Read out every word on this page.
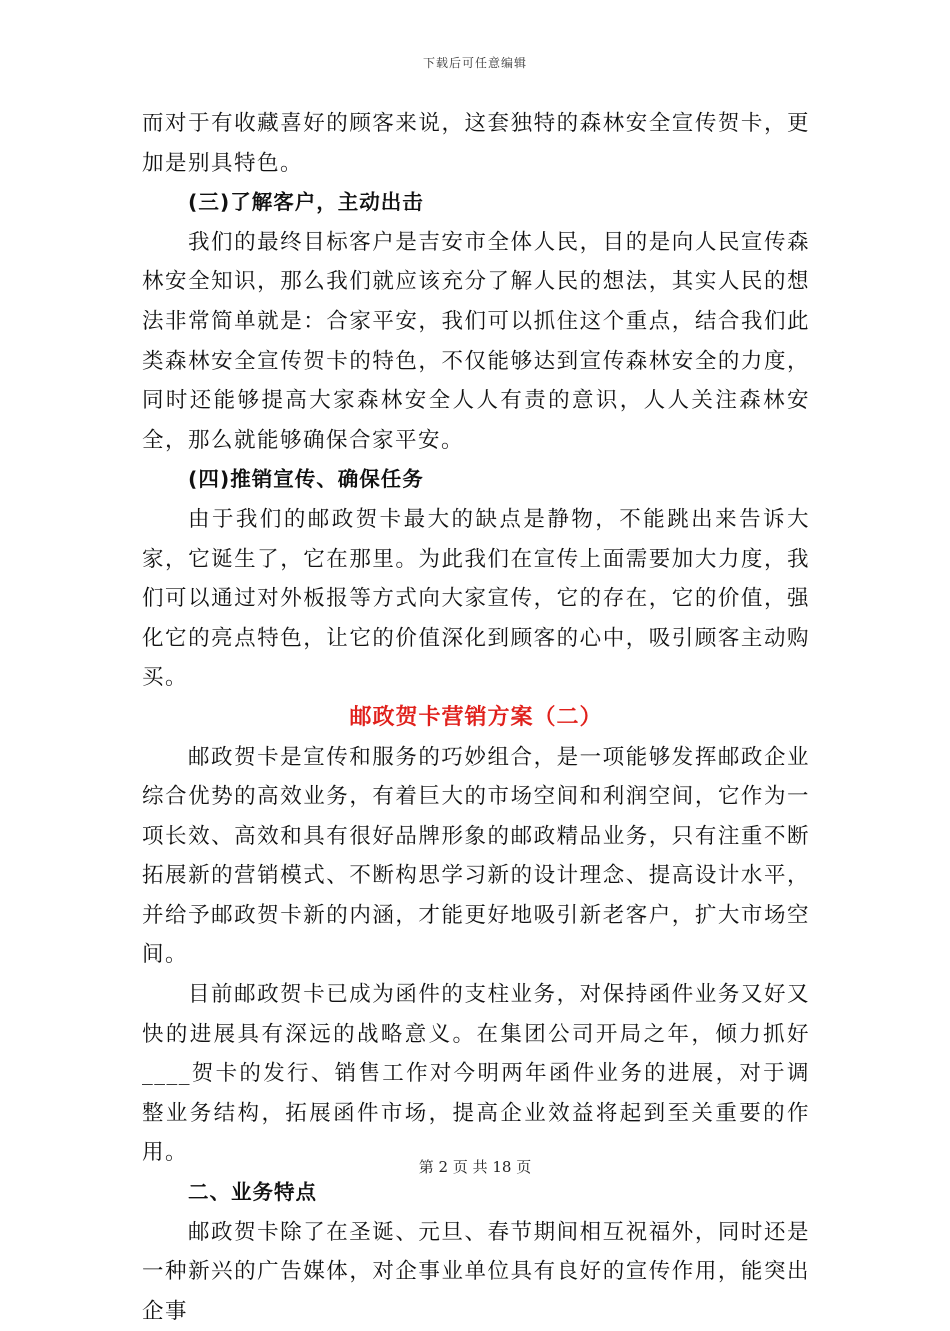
下载后可任意编辑

而对于有收藏喜好的顾客来说，这套独特的森林安全宣传贺卡，更加是别具特色。

(三)了解客户，主动出击

我们的最终目标客户是吉安市全体人民，目的是向人民宣传森林安全知识，那么我们就应该充分了解人民的想法，其实人民的想法非常简单就是：合家平安，我们可以抓住这个重点，结合我们此类森林安全宣传贺卡的特色，不仅能够达到宣传森林安全的力度，同时还能够提高大家森林安全人人有责的意识，人人关注森林安全，那么就能够确保合家平安。

(四)推销宣传、确保任务

由于我们的邮政贺卡最大的缺点是静物，不能跳出来告诉大家，它诞生了，它在那里。为此我们在宣传上面需要加大力度，我们可以通过对外板报等方式向大家宣传，它的存在，它的价值，强化它的亮点特色，让它的价值深化到顾客的心中，吸引顾客主动购买。

邮政贺卡营销方案（二）

邮政贺卡是宣传和服务的巧妙组合，是一项能够发挥邮政企业综合优势的高效业务，有着巨大的市场空间和利润空间，它作为一项长效、高效和具有很好品牌形象的邮政精品业务，只有注重不断拓展新的营销模式、不断构思学习新的设计理念、提高设计水平，并给予邮政贺卡新的内涵，才能更好地吸引新老客户，扩大市场空间。

目前邮政贺卡已成为函件的支柱业务，对保持函件业务又好又快的进展具有深远的战略意义。在集团公司开局之年，倾力抓好____贺卡的发行、销售工作对今明两年函件业务的进展，对于调整业务结构，拓展函件市场，提高企业效益将起到至关重要的作用。

二、业务特点

邮政贺卡除了在圣诞、元旦、春节期间相互祝福外，同时还是一种新兴的广告媒体，对企事业单位具有良好的宣传作用，能突出企事

第 2 页 共 18 页
